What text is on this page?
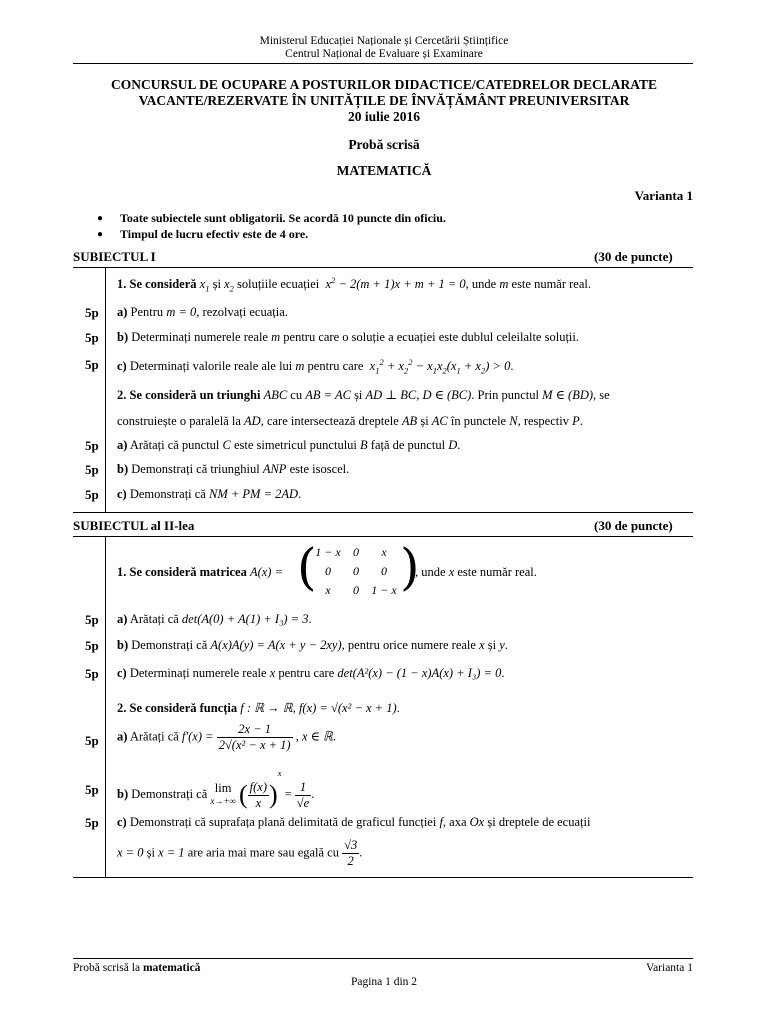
Ministerul Educației Naționale și Cercetării Științifice
Centrul Național de Evaluare și Examinare
CONCURSUL DE OCUPARE A POSTURILOR DIDACTICE/CATEDRELOR DECLARATE
VACANTE/REZERVATE ÎN UNITĂȚILE DE ÎNVĂȚĂMÂNT PREUNIVERSITAR
20 iulie 2016
Probă scrisă
MATEMATICĂ
Varianta 1
● Toate subiectele sunt obligatorii. Se acordă 10 puncte din oficiu.
● Timpul de lucru efectiv este de 4 ore.
SUBIECTUL I	(30 de puncte)
1. Se consideră $x_1$ și $x_2$ soluțiile ecuației  $x^2 - 2(m + 1)x + m + 1 = 0$, unde m este număr real.
5p a) Pentru m = 0, rezolvați ecuația.
5p b) Determinați numerele reale m pentru care o soluție a ecuației este dublul celeilalte soluții.
5p c) Determinați valorile reale ale lui m pentru care  $x_1^2 + x_2^2 - x_1x_2(x_1 + x_2) > 0$.
2. Se consideră un triunghi ABC cu AB = AC și AD ⊥ BC, D ∈ (BC). Prin punctul M ∈ (BD), se
construiește o paralelă la AD, care intersectează dreptele AB și AC în punctele N, respectiv P.
5p a) Arătați că punctul C este simetricul punctului B față de punctul D.
5p b) Demonstrați că triunghiul ANP este isoscel.
5p c) Demonstrați că NM + PM = 2AD.
SUBIECTUL al II-lea	(30 de puncte)
1. Se consideră matricea A(x) = (
1 − x	0	x
0	0	0
x	0	1 − x )
, unde x este număr real.
5p a) Arătați că det(A(0) + A(1) + I₃) = 3.
5p b) Demonstrați că A(x)A(y) = A(x + y − 2xy), pentru orice numere reale x și y.
5p c) Determinați numerele reale x pentru care det(A²(x) − (1 − x)A(x) + I₃) = 0.
2. Se consideră funcția f : ℝ → ℝ, f(x) = √(x² − x + 1).
5p a) Arătați că $f'(x) = \frac{2x - 1}{\text{2√(x² − x + 1)}}$ , x ∈ ℝ.
5p b) Demonstrați că lim
x→+∞ ( $\frac{f(x)}{x} )^x = \frac{1}{√e}$ .
5p c) Demonstrați că suprafața plană delimitată de graficul funcției f, axa Ox și dreptele de ecuații
x = 0 și x = 1 are aria mai mare sau egală cu $\frac{√3}{2}$ .
Probă scrisă la matematică	Varianta 1
Pagina 1 din 2
